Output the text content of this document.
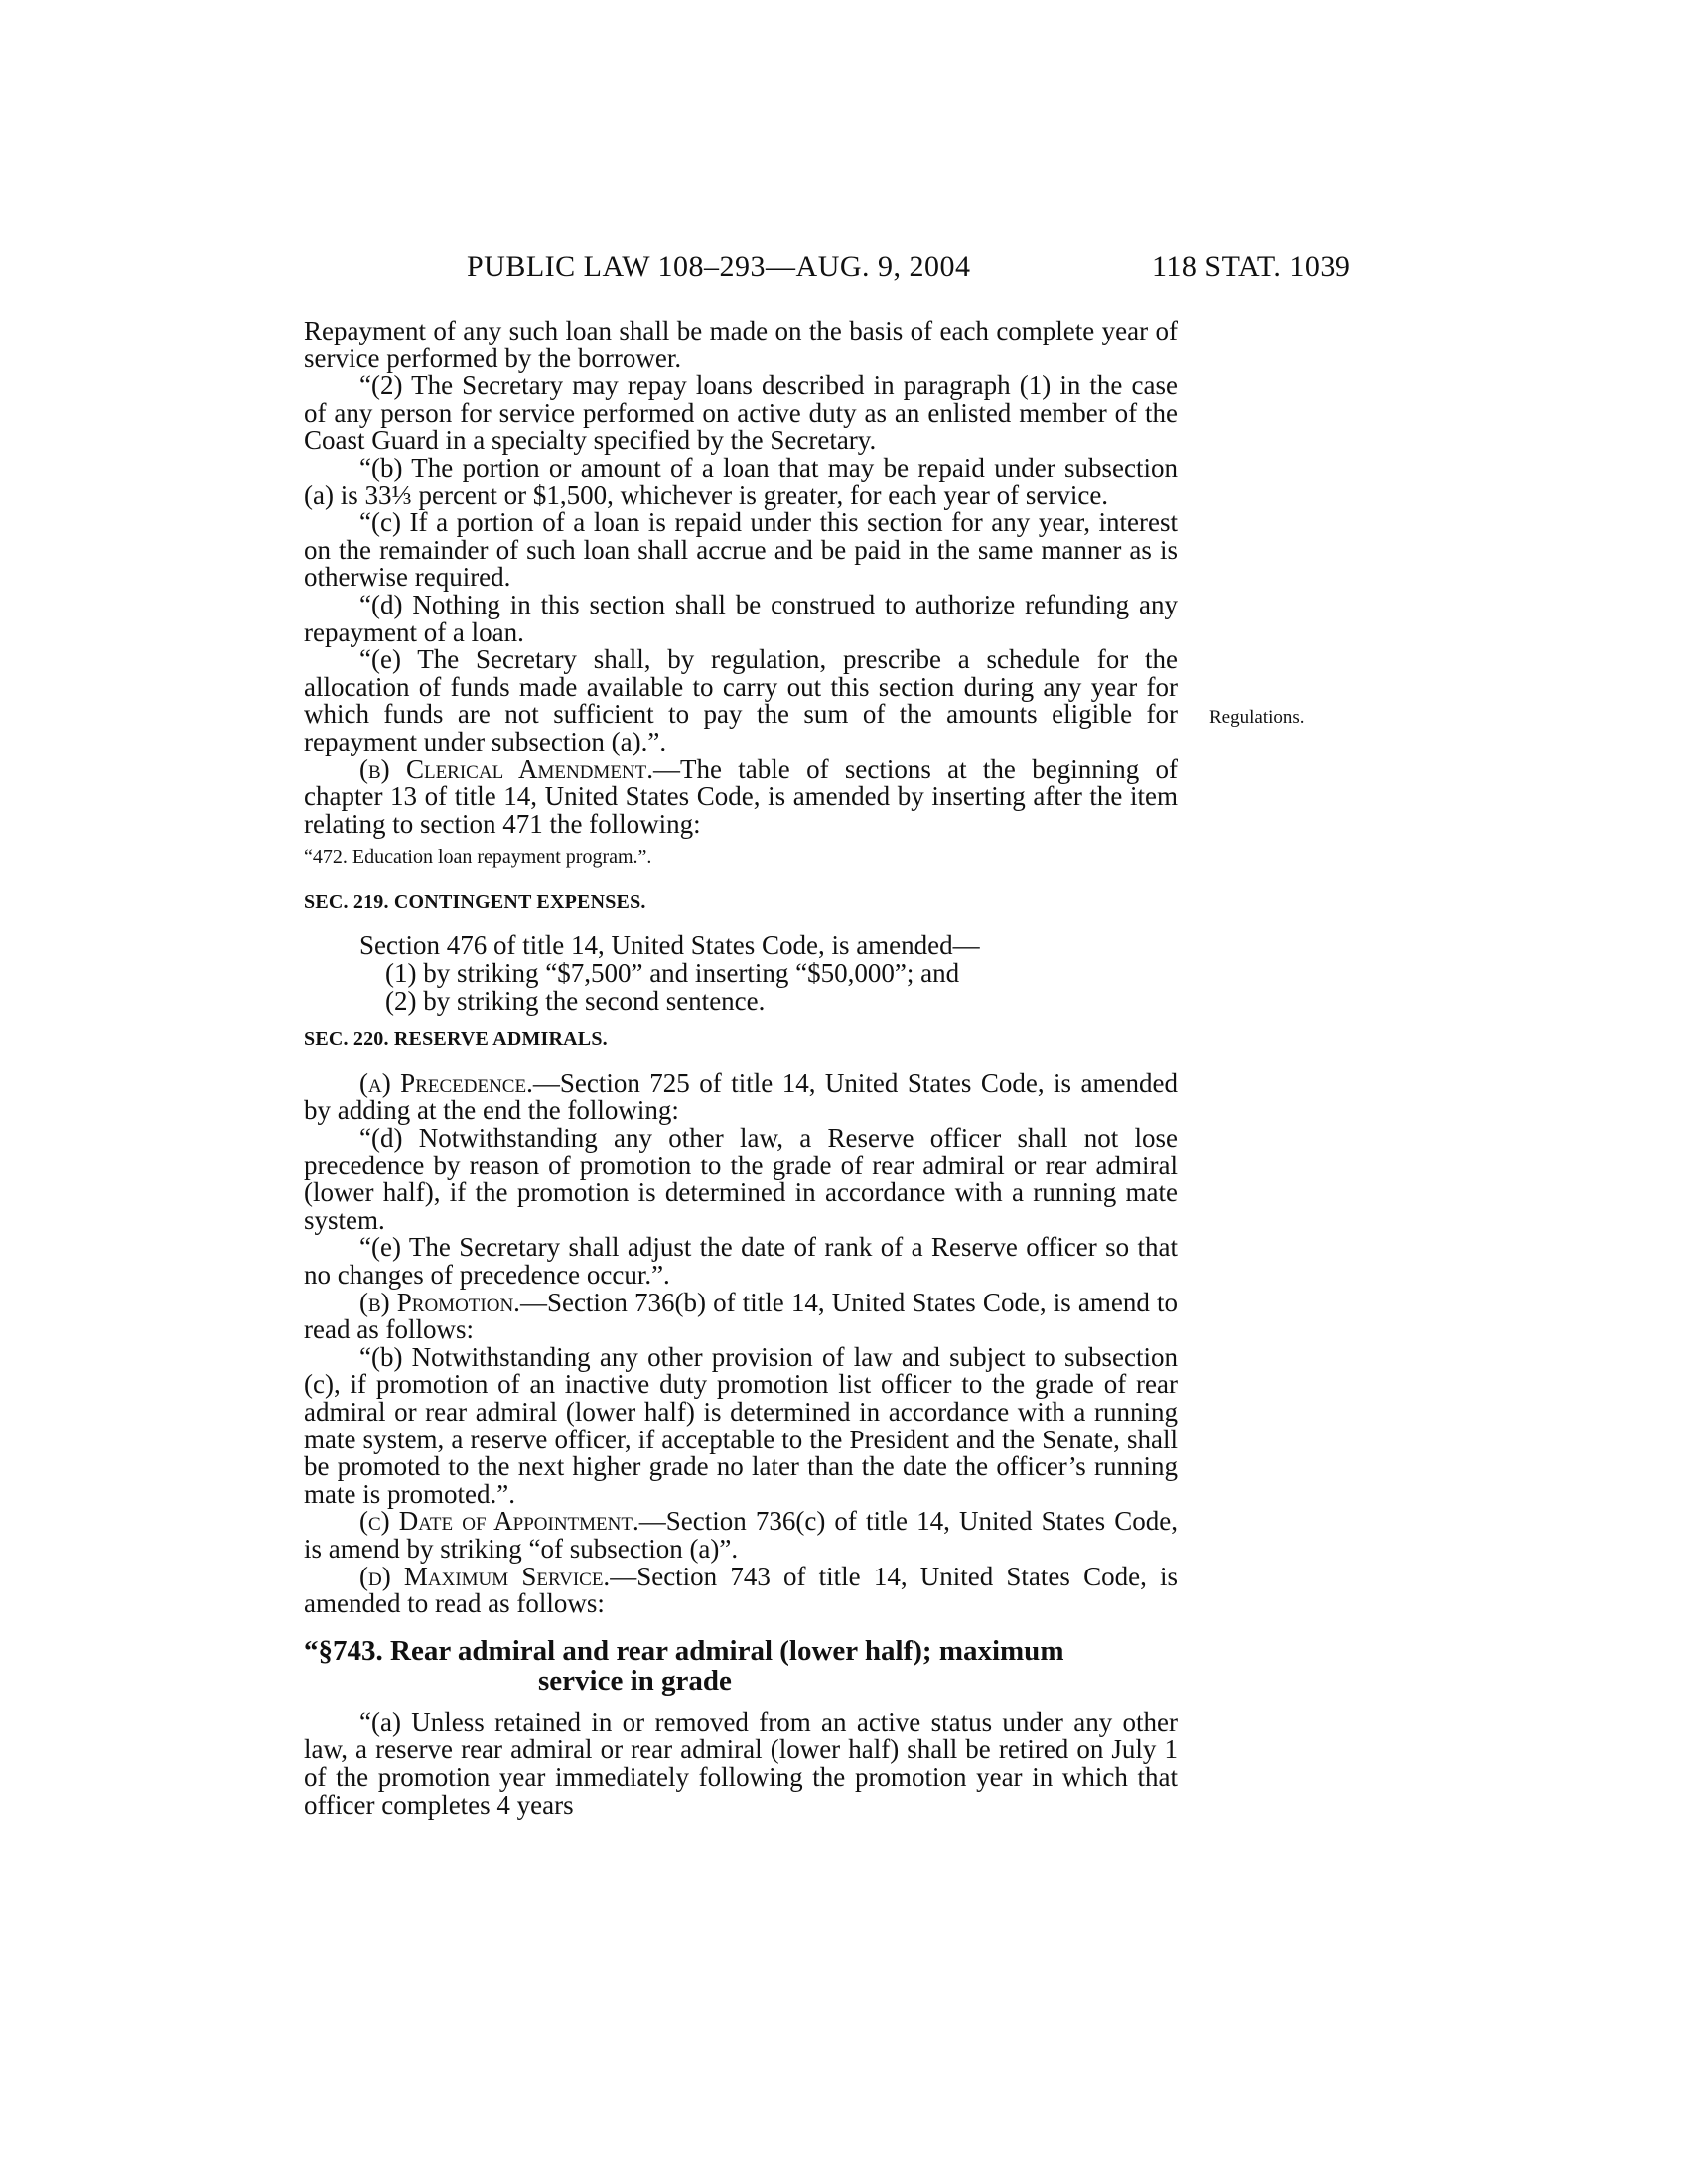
PUBLIC LAW 108–293—AUG. 9, 2004	118 STAT. 1039
Regulations.

Repayment of any such loan shall be made on the basis of each complete year of service performed by the borrower.

“(2) The Secretary may repay loans described in paragraph (1) in the case of any person for service performed on active duty as an enlisted member of the Coast Guard in a specialty specified by the Secretary.

“(b) The portion or amount of a loan that may be repaid under subsection (a) is 33⅓ percent or $1,500, whichever is greater, for each year of service.

“(c) If a portion of a loan is repaid under this section for any year, interest on the remainder of such loan shall accrue and be paid in the same manner as is otherwise required.

“(d) Nothing in this section shall be construed to authorize refunding any repayment of a loan.

“(e) The Secretary shall, by regulation, prescribe a schedule for the allocation of funds made available to carry out this section during any year for which funds are not sufficient to pay the sum of the amounts eligible for repayment under subsection (a).”.

(b) Clerical Amendment.—The table of sections at the beginning of chapter 13 of title 14, United States Code, is amended by inserting after the item relating to section 471 the following:

“472. Education loan repayment program.”.

SEC. 219. CONTINGENT EXPENSES.

Section 476 of title 14, United States Code, is amended—

(1) by striking “$7,500” and inserting “$50,000”; and

(2) by striking the second sentence.

SEC. 220. RESERVE ADMIRALS.

(a) Precedence.—Section 725 of title 14, United States Code, is amended by adding at the end the following:

“(d) Notwithstanding any other law, a Reserve officer shall not lose precedence by reason of promotion to the grade of rear admiral or rear admiral (lower half), if the promotion is determined in accordance with a running mate system.

“(e) The Secretary shall adjust the date of rank of a Reserve officer so that no changes of precedence occur.”.

(b) Promotion.—Section 736(b) of title 14, United States Code, is amend to read as follows:

“(b) Notwithstanding any other provision of law and subject to subsection (c), if promotion of an inactive duty promotion list officer to the grade of rear admiral or rear admiral (lower half) is determined in accordance with a running mate system, a reserve officer, if acceptable to the President and the Senate, shall be promoted to the next higher grade no later than the date the officer’s running mate is promoted.”.

(c) Date of Appointment.—Section 736(c) of title 14, United States Code, is amend by striking “of subsection (a)”.

(d) Maximum Service.—Section 743 of title 14, United States Code, is amended to read as follows:

“§743. Rear admiral and rear admiral (lower half); maximum
service in grade

“(a) Unless retained in or removed from an active status under any other law, a reserve rear admiral or rear admiral (lower half) shall be retired on July 1 of the promotion year immediately following the promotion year in which that officer completes 4 years
